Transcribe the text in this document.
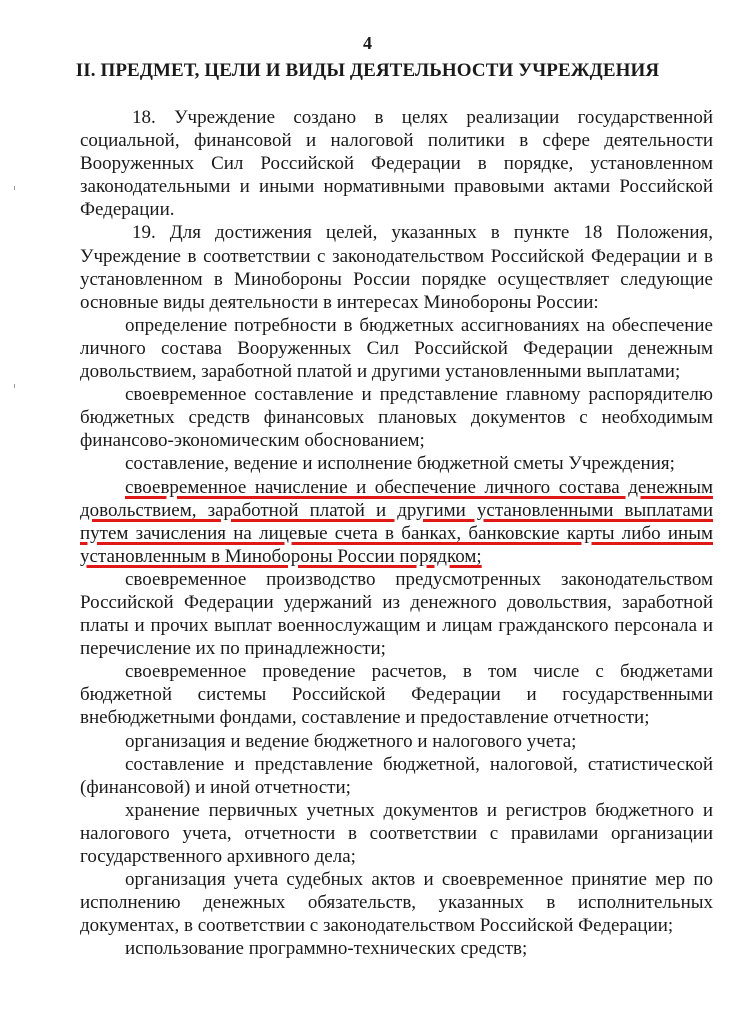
4
II. ПРЕДМЕТ, ЦЕЛИ И ВИДЫ ДЕЯТЕЛЬНОСТИ УЧРЕЖДЕНИЯ

18. Учреждение создано в целях реализации государственной социальной, финансовой и налоговой политики в сфере деятельности Вооруженных Сил Российской Федерации в порядке, установленном законодательными и иными нормативными правовыми актами Российской Федерации.

19. Для достижения целей, указанных в пункте 18 Положения, Учреждение в соответствии с законодательством Российской Федерации и в установленном в Минобороны России порядке осуществляет следующие основные виды деятельности в интересах Минобороны России:

определение потребности в бюджетных ассигнованиях на обеспечение личного состава Вооруженных Сил Российской Федерации денежным довольствием, заработной платой и другими установленными выплатами;

своевременное составление и представление главному распорядителю бюджетных средств финансовых плановых документов с необходимым финансово-экономическим обоснованием;

составление, ведение и исполнение бюджетной сметы Учреждения;

своевременное начисление и обеспечение личного состава денежным довольствием, заработной платой и другими установленными выплатами путем зачисления на лицевые счета в банках, банковские карты либо иным установленным в Минобороны России порядком;

своевременное производство предусмотренных законодательством Российской Федерации удержаний из денежного довольствия, заработной платы и прочих выплат военнослужащим и лицам гражданского персонала и перечисление их по принадлежности;

своевременное проведение расчетов, в том числе с бюджетами бюджетной системы Российской Федерации и государственными внебюджетными фондами, составление и предоставление отчетности;

организация и ведение бюджетного и налогового учета;

составление и представление бюджетной, налоговой, статистической (финансовой) и иной отчетности;

хранение первичных учетных документов и регистров бюджетного и налогового учета, отчетности в соответствии с правилами организации государственного архивного дела;

организация учета судебных актов и своевременное принятие мер по исполнению денежных обязательств, указанных в исполнительных документах, в соответствии с законодательством Российской Федерации;

использование программно-технических средств;
